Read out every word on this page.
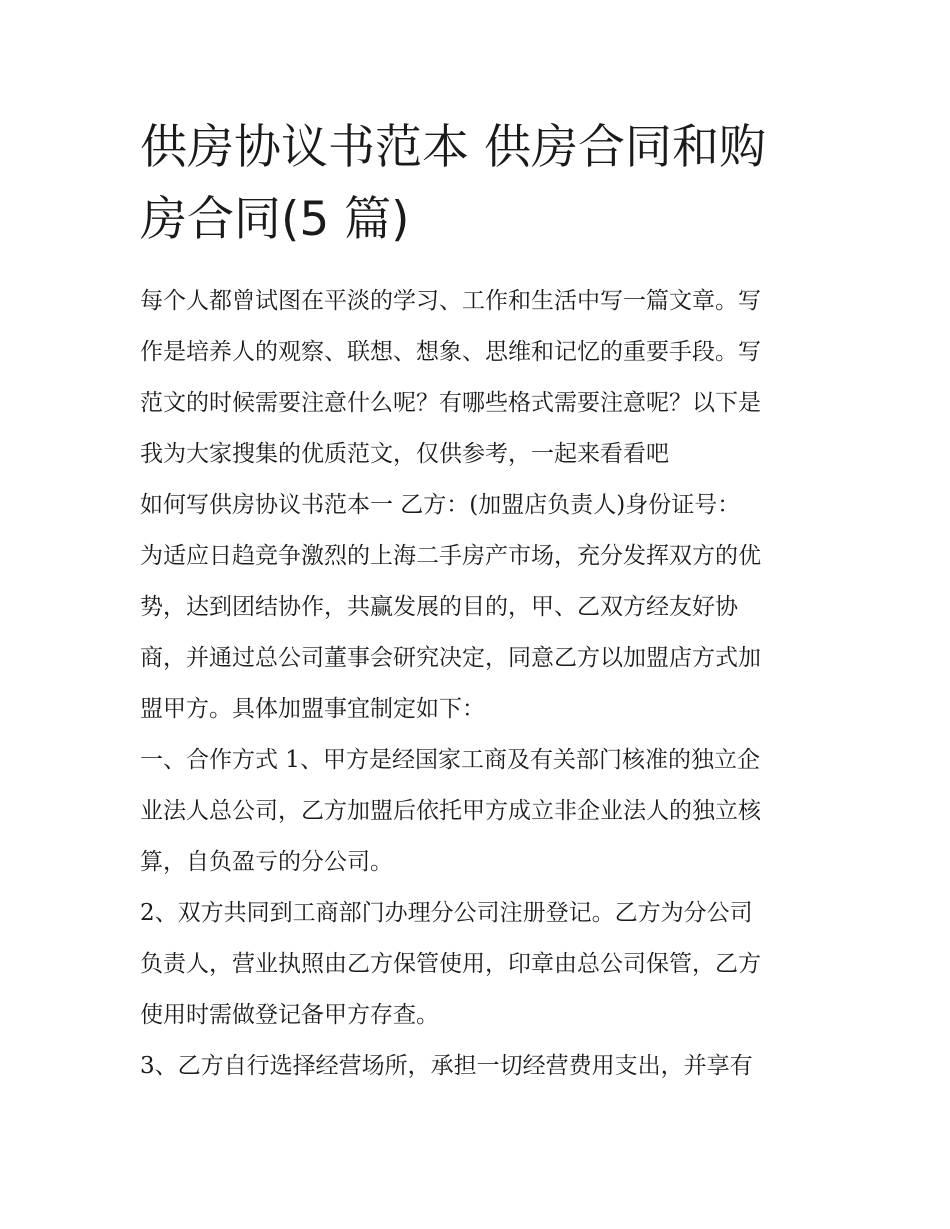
供房协议书范本 供房合同和购
房合同(5 篇)
每个人都曾试图在平淡的学习、工作和生活中写一篇文章。写
作是培养人的观察、联想、想象、思维和记忆的重要手段。写
范文的时候需要注意什么呢？有哪些格式需要注意呢？以下是
我为大家搜集的优质范文，仅供参考，一起来看看吧
如何写供房协议书范本一 乙方：(加盟店负责人)身份证号：
为适应日趋竞争激烈的上海二手房产市场，充分发挥双方的优
势，达到团结协作，共赢发展的目的，甲、乙双方经友好协
商，并通过总公司董事会研究决定，同意乙方以加盟店方式加
盟甲方。具体加盟事宜制定如下：
一、合作方式 1、甲方是经国家工商及有关部门核准的独立企
业法人总公司，乙方加盟后依托甲方成立非企业法人的独立核
算，自负盈亏的分公司。
2、双方共同到工商部门办理分公司注册登记。乙方为分公司
负责人，营业执照由乙方保管使用，印章由总公司保管，乙方
使用时需做登记备甲方存查。
3、乙方自行选择经营场所，承担一切经营费用支出，并享有
